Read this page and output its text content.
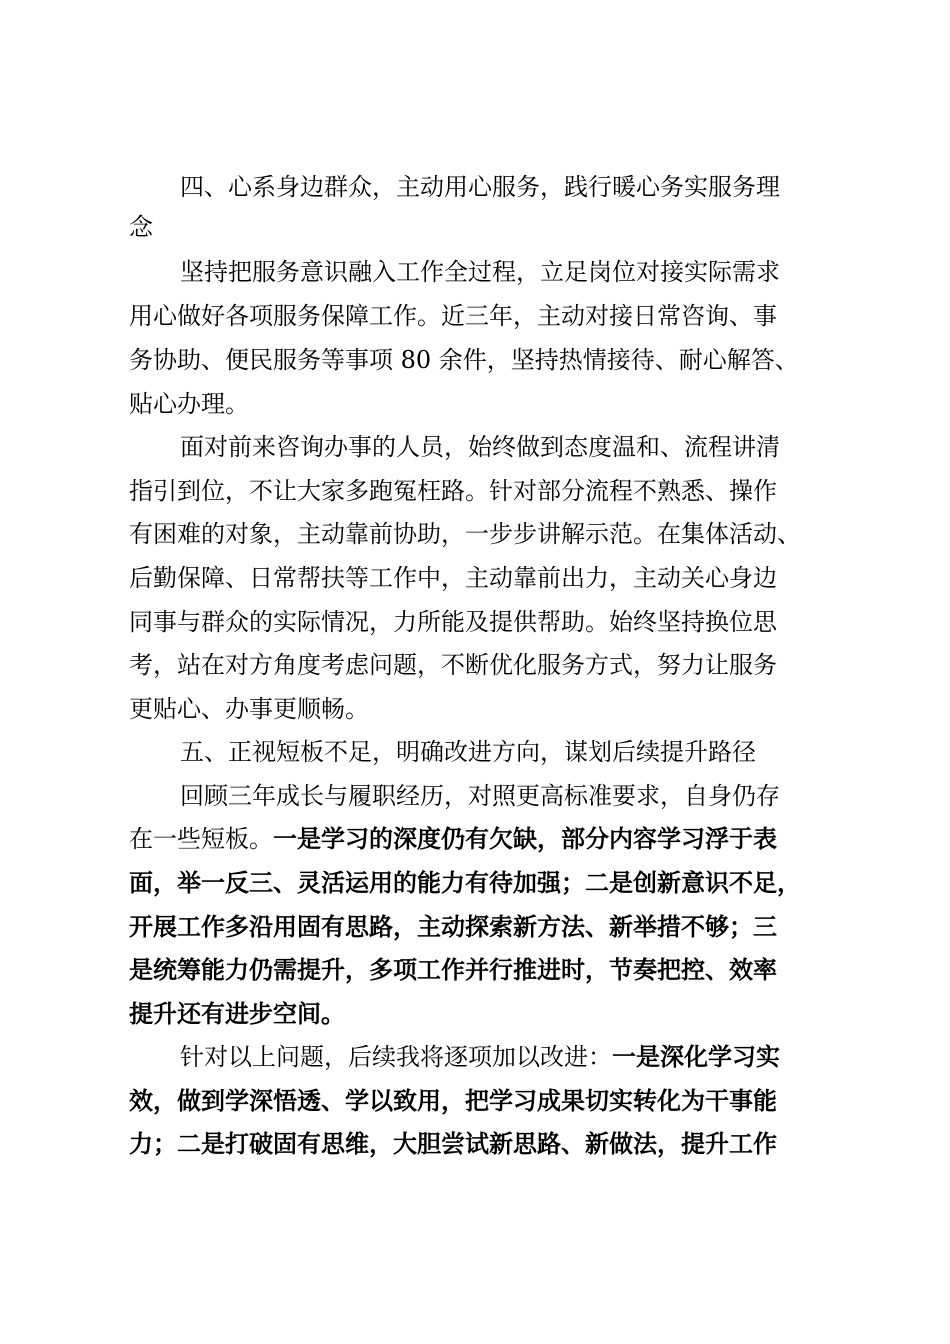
四、心系身边群众，主动用心服务，践行暖心务实服务理
念
坚持把服务意识融入工作全过程，立足岗位对接实际需求
用心做好各项服务保障工作。近三年，主动对接日常咨询、事
务协助、便民服务等事项 80 余件，坚持热情接待、耐心解答、
贴心办理。
面对前来咨询办事的人员，始终做到态度温和、流程讲清
指引到位，不让大家多跑冤枉路。针对部分流程不熟悉、操作
有困难的对象，主动靠前协助，一步步讲解示范。在集体活动、
后勤保障、日常帮扶等工作中，主动靠前出力，主动关心身边
同事与群众的实际情况，力所能及提供帮助。始终坚持换位思
考，站在对方角度考虑问题，不断优化服务方式，努力让服务
更贴心、办事更顺畅。
五、正视短板不足，明确改进方向，谋划后续提升路径
回顾三年成长与履职经历，对照更高标准要求，自身仍存
在一些短板。一是学习的深度仍有欠缺，部分内容学习浮于表
面，举一反三、灵活运用的能力有待加强；二是创新意识不足，
开展工作多沿用固有思路，主动探索新方法、新举措不够；三
是统筹能力仍需提升，多项工作并行推进时，节奏把控、效率
提升还有进步空间。
针对以上问题，后续我将逐项加以改进：一是深化学习实
效，做到学深悟透、学以致用，把学习成果切实转化为干事能
力；二是打破固有思维，大胆尝试新思路、新做法，提升工作
